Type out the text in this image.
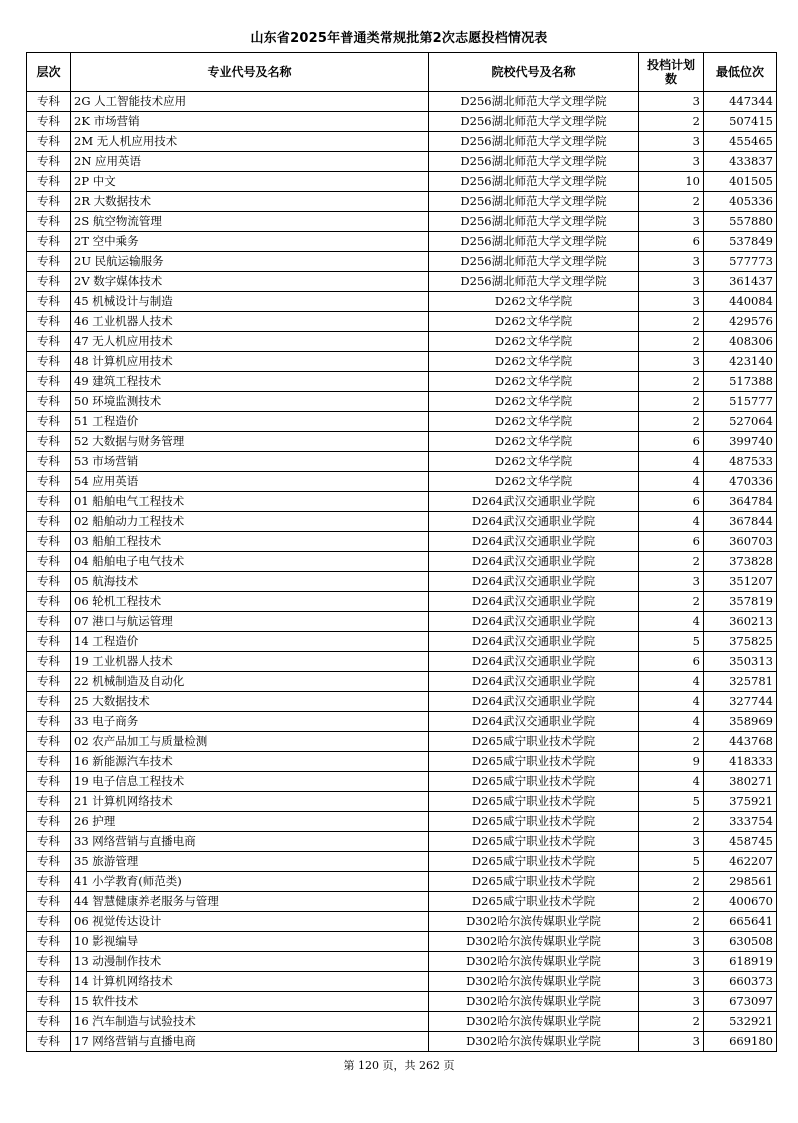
山东省2025年普通类常规批第2次志愿投档情况表
层次	专业代号及名称	院校代号及名称	投档计划数	最低位次
专科	2G 人工智能技术应用	D256湖北师范大学文理学院	3	447344
专科	2K 市场营销	D256湖北师范大学文理学院	2	507415
专科	2M 无人机应用技术	D256湖北师范大学文理学院	3	455465
专科	2N 应用英语	D256湖北师范大学文理学院	3	433837
专科	2P 中文	D256湖北师范大学文理学院	10	401505
专科	2R 大数据技术	D256湖北师范大学文理学院	2	405336
专科	2S 航空物流管理	D256湖北师范大学文理学院	3	557880
专科	2T 空中乘务	D256湖北师范大学文理学院	6	537849
专科	2U 民航运输服务	D256湖北师范大学文理学院	3	577773
专科	2V 数字媒体技术	D256湖北师范大学文理学院	3	361437
专科	45 机械设计与制造	D262文华学院	3	440084
专科	46 工业机器人技术	D262文华学院	2	429576
专科	47 无人机应用技术	D262文华学院	2	408306
专科	48 计算机应用技术	D262文华学院	3	423140
专科	49 建筑工程技术	D262文华学院	2	517388
专科	50 环境监测技术	D262文华学院	2	515777
专科	51 工程造价	D262文华学院	2	527064
专科	52 大数据与财务管理	D262文华学院	6	399740
专科	53 市场营销	D262文华学院	4	487533
专科	54 应用英语	D262文华学院	4	470336
专科	01 船舶电气工程技术	D264武汉交通职业学院	6	364784
专科	02 船舶动力工程技术	D264武汉交通职业学院	4	367844
专科	03 船舶工程技术	D264武汉交通职业学院	6	360703
专科	04 船舶电子电气技术	D264武汉交通职业学院	2	373828
专科	05 航海技术	D264武汉交通职业学院	3	351207
专科	06 轮机工程技术	D264武汉交通职业学院	2	357819
专科	07 港口与航运管理	D264武汉交通职业学院	4	360213
专科	14 工程造价	D264武汉交通职业学院	5	375825
专科	19 工业机器人技术	D264武汉交通职业学院	6	350313
专科	22 机械制造及自动化	D264武汉交通职业学院	4	325781
专科	25 大数据技术	D264武汉交通职业学院	4	327744
专科	33 电子商务	D264武汉交通职业学院	4	358969
专科	02 农产品加工与质量检测	D265咸宁职业技术学院	2	443768
专科	16 新能源汽车技术	D265咸宁职业技术学院	9	418333
专科	19 电子信息工程技术	D265咸宁职业技术学院	4	380271
专科	21 计算机网络技术	D265咸宁职业技术学院	5	375921
专科	26 护理	D265咸宁职业技术学院	2	333754
专科	33 网络营销与直播电商	D265咸宁职业技术学院	3	458745
专科	35 旅游管理	D265咸宁职业技术学院	5	462207
专科	41 小学教育(师范类)	D265咸宁职业技术学院	2	298561
专科	44 智慧健康养老服务与管理	D265咸宁职业技术学院	2	400670
专科	06 视觉传达设计	D302哈尔滨传媒职业学院	2	665641
专科	10 影视编导	D302哈尔滨传媒职业学院	3	630508
专科	13 动漫制作技术	D302哈尔滨传媒职业学院	3	618919
专科	14 计算机网络技术	D302哈尔滨传媒职业学院	3	660373
专科	15 软件技术	D302哈尔滨传媒职业学院	3	673097
专科	16 汽车制造与试验技术	D302哈尔滨传媒职业学院	2	532921
专科	17 网络营销与直播电商	D302哈尔滨传媒职业学院	3	669180
第 120 页，共 262 页
